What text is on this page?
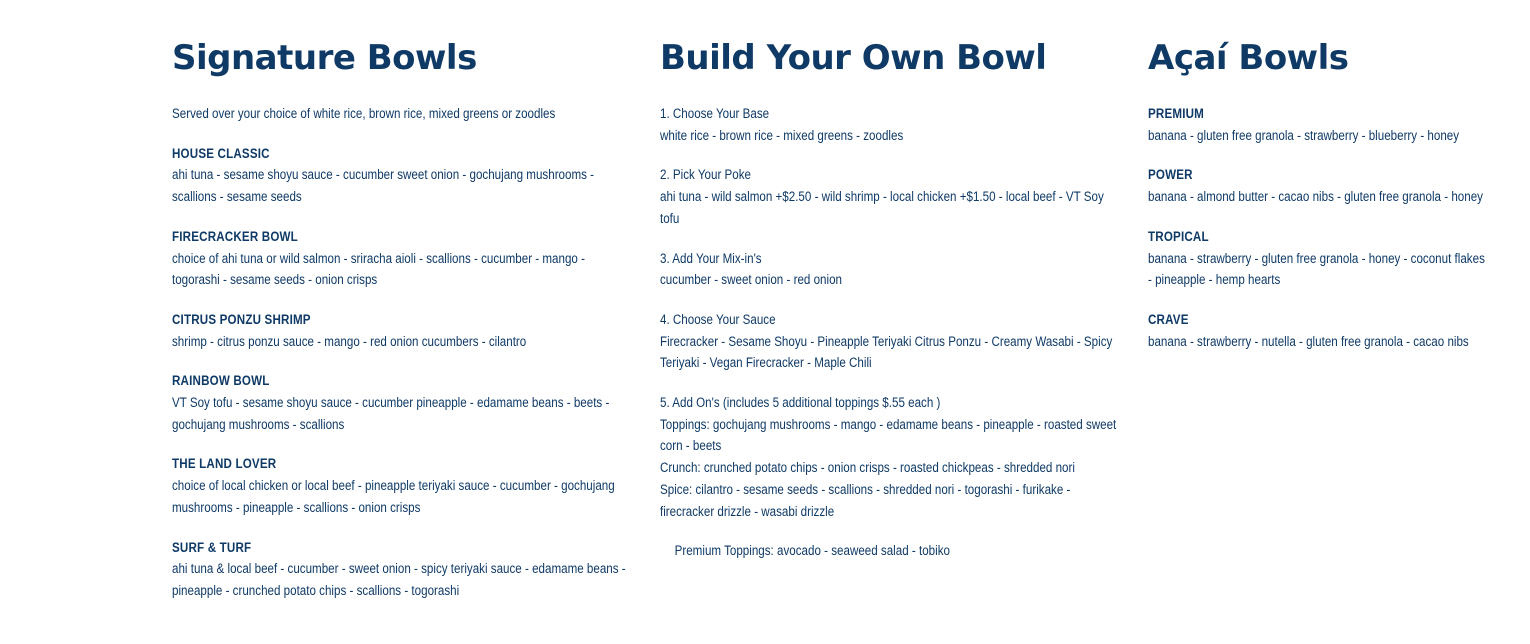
Signature Bowls
Served over your choice of white rice, brown rice, mixed greens or zoodles
HOUSE CLASSIC
ahi tuna - sesame shoyu sauce - cucumber sweet onion - gochujang mushrooms - scallions - sesame seeds
FIRECRACKER BOWL
choice of ahi tuna or wild salmon - sriracha aioli - scallions - cucumber - mango - togorashi - sesame seeds - onion crisps
CITRUS PONZU SHRIMP
shrimp - citrus ponzu sauce - mango - red onion cucumbers - cilantro
RAINBOW BOWL
VT Soy tofu - sesame shoyu sauce - cucumber pineapple - edamame beans - beets - gochujang mushrooms - scallions
THE LAND LOVER
choice of local chicken or local beef - pineapple teriyaki sauce - cucumber - gochujang mushrooms - pineapple - scallions - onion crisps
SURF & TURF
ahi tuna & local beef - cucumber - sweet onion - spicy teriyaki sauce - edamame beans - pineapple - crunched potato chips - scallions - togorashi
Build Your Own Bowl
1. Choose Your Base
white rice - brown rice - mixed greens - zoodles
2. Pick Your Poke
ahi tuna - wild salmon +$2.50 - wild shrimp - local chicken +$1.50 - local beef - VT Soy tofu
3. Add Your Mix-in's
cucumber - sweet onion - red onion
4. Choose Your Sauce
Firecracker - Sesame Shoyu - Pineapple Teriyaki Citrus Ponzu - Creamy Wasabi - Spicy Teriyaki - Vegan Firecracker - Maple Chili
5. Add On's (includes 5 additional toppings $.55 each )
Toppings: gochujang mushrooms - mango - edamame beans - pineapple - roasted sweet corn - beets
Crunch: crunched potato chips - onion crisps - roasted chickpeas - shredded nori
Spice: cilantro - sesame seeds - scallions - shredded nori - togorashi - furikake - firecracker drizzle - wasabi drizzle
Premium Toppings: avocado - seaweed salad - tobiko
Açaí Bowls
PREMIUM
banana - gluten free granola - strawberry - blueberry - honey
POWER
banana - almond butter - cacao nibs - gluten free granola - honey
TROPICAL
banana - strawberry - gluten free granola - honey - coconut flakes - pineapple - hemp hearts
CRAVE
banana - strawberry - nutella - gluten free granola - cacao nibs
